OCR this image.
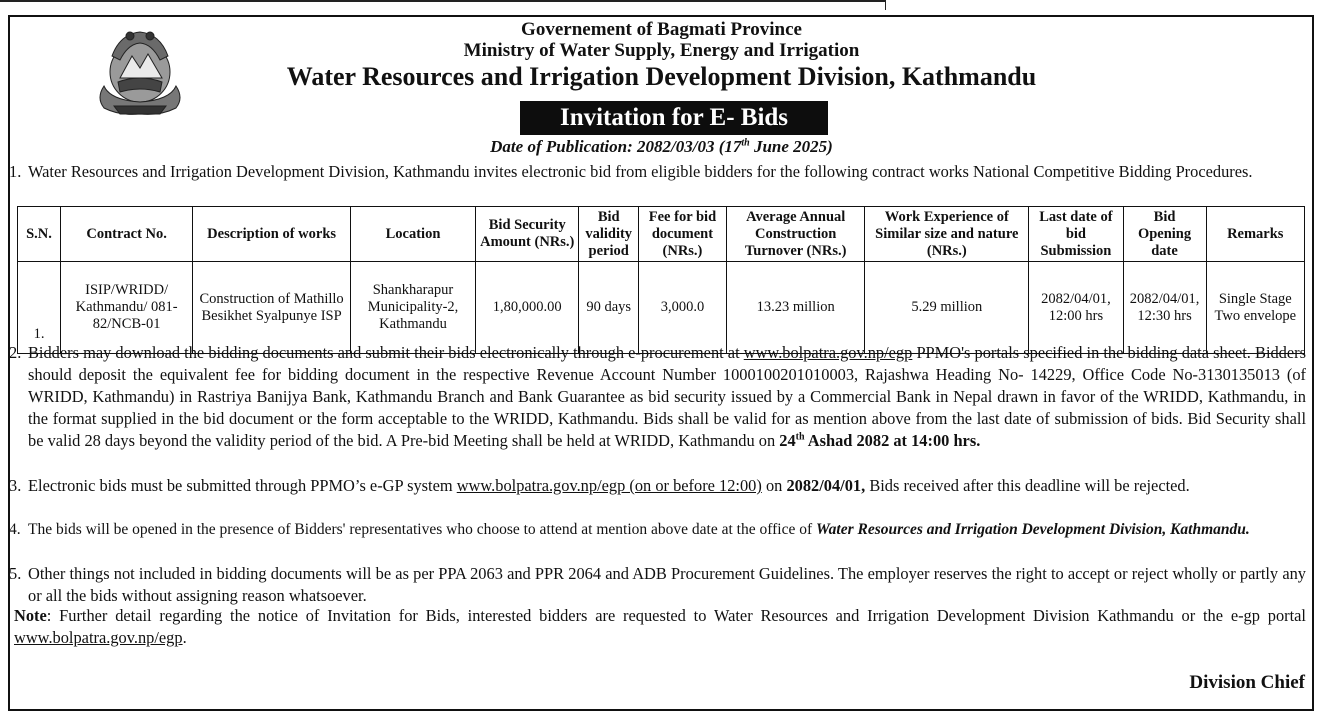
Governement of Bagmati Province
Ministry of Water Supply, Energy and Irrigation
Water Resources and Irrigation Development Division, Kathmandu
Invitation for E- Bids
Date of Publication: 2082/03/03 (17th June 2025)
1. Water Resources and Irrigation Development Division, Kathmandu invites electronic bid from eligible bidders for the following contract works National Competitive Bidding Procedures.
S.N.	Contract No.	Description of works	Location	Bid Security Amount (NRs.)	Bid validity period	Fee for bid document (NRs.)	Average Annual Construction Turnover (NRs.)	Work Experience of Similar size and nature (NRs.)	Last date of bid Submission	Bid Opening date	Remarks
1.	ISIP/WRIDD/ Kathmandu/ 081-82/NCB-01	Construction of Mathillo Besikhet Syalpunye ISP	Shankharapur Municipality-2, Kathmandu	1,80,000.00	90 days	3,000.0	13.23 million	5.29 million	2082/04/01, 12:00 hrs	2082/04/01, 12:30 hrs	Single Stage Two envelope
2. Bidders may download the bidding documents and submit their bids electronically through e-procurement at www.bolpatra.gov.np/egp PPMO's portals specified in the bidding data sheet. Bidders should deposit the equivalent fee for bidding document in the respective Revenue Account Number 1000100201010003, Rajashwa Heading No- 14229, Office Code No-3130135013 (of WRIDD, Kathmandu) in Rastriya Banijya Bank, Kathmandu Branch and Bank Guarantee as bid security issued by a Commercial Bank in Nepal drawn in favor of the WRIDD, Kathmandu, in the format supplied in the bid document or the form acceptable to the WRIDD, Kathmandu. Bids shall be valid for as mention above from the last date of submission of bids. Bid Security shall be valid 28 days beyond the validity period of the bid. A Pre-bid Meeting shall be held at WRIDD, Kathmandu on 24th Ashad 2082 at 14:00 hrs.
3. Electronic bids must be submitted through PPMO’s e-GP system www.bolpatra.gov.np/egp (on or before 12:00) on 2082/04/01, Bids received after this deadline will be rejected.
4. The bids will be opened in the presence of Bidders' representatives who choose to attend at mention above date at the office of Water Resources and Irrigation Development Division, Kathmandu.
5. Other things not included in bidding documents will be as per PPA 2063 and PPR 2064 and ADB Procurement Guidelines. The employer reserves the right to accept or reject wholly or partly any or all the bids without assigning reason whatsoever.
Note: Further detail regarding the notice of Invitation for Bids, interested bidders are requested to Water Resources and Irrigation Development Division Kathmandu or the e-gp portal www.bolpatra.gov.np/egp.
Division Chief
